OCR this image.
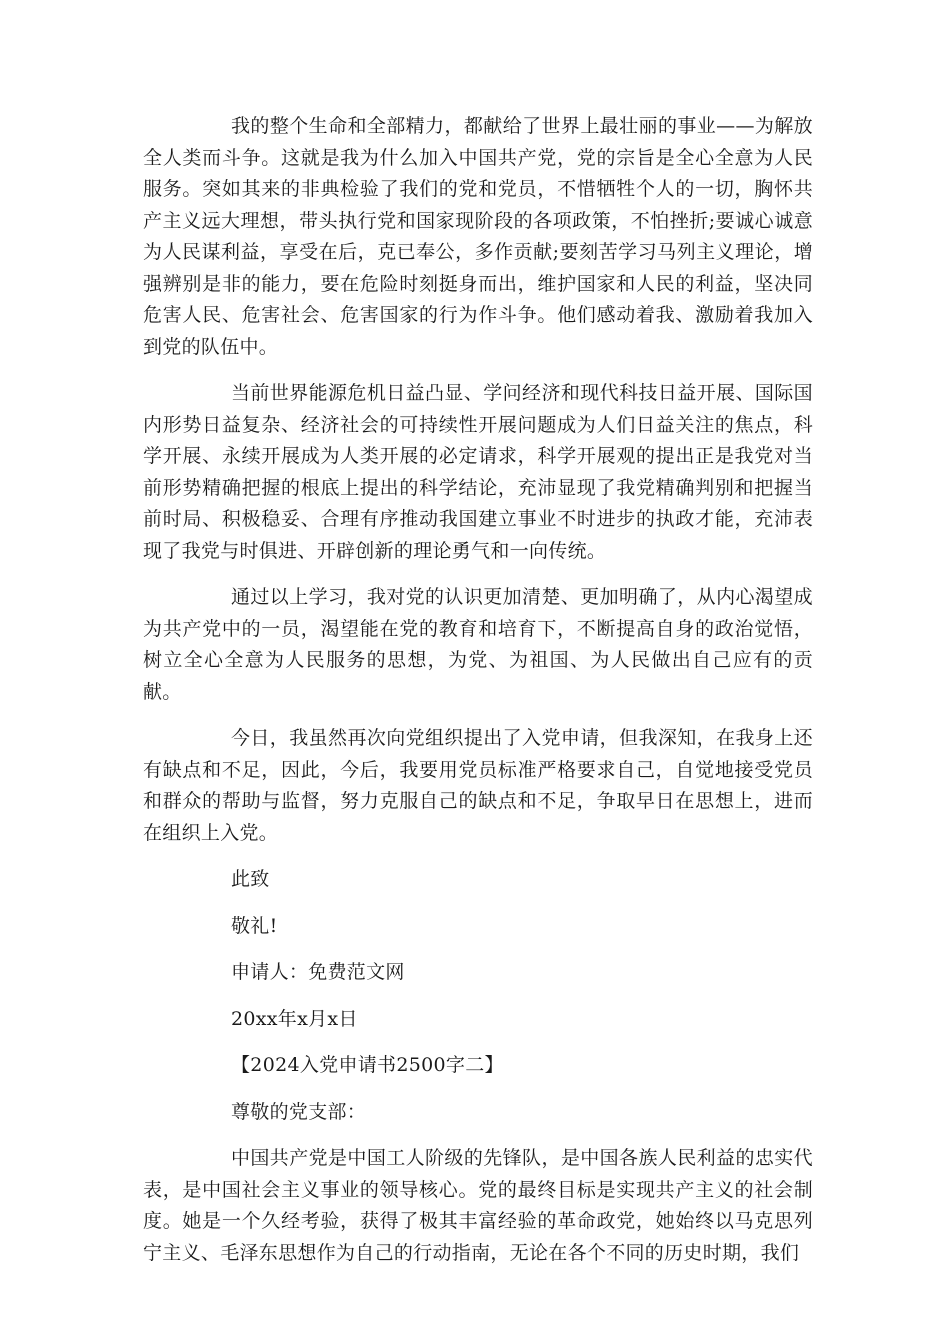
我的整个生命和全部精力，都献给了世界上最壮丽的事业——为解放全人类而斗争。这就是我为什么加入中国共产党，党的宗旨是全心全意为人民服务。突如其来的非典检验了我们的党和党员，不惜牺牲个人的一切，胸怀共产主义远大理想，带头执行党和国家现阶段的各项政策，不怕挫折;要诚心诚意为人民谋利益，享受在后，克已奉公，多作贡献;要刻苦学习马列主义理论，增强辨别是非的能力，要在危险时刻挺身而出，维护国家和人民的利益，坚决同危害人民、危害社会、危害国家的行为作斗争。他们感动着我、激励着我加入到党的队伍中。

当前世界能源危机日益凸显、学问经济和现代科技日益开展、国际国内形势日益复杂、经济社会的可持续性开展问题成为人们日益关注的焦点，科学开展、永续开展成为人类开展的必定请求，科学开展观的提出正是我党对当前形势精确把握的根底上提出的科学结论，充沛显现了我党精确判别和把握当前时局、积极稳妥、合理有序推动我国建立事业不时进步的执政才能，充沛表现了我党与时俱进、开辟创新的理论勇气和一向传统。

通过以上学习，我对党的认识更加清楚、更加明确了，从内心渴望成为共产党中的一员，渴望能在党的教育和培育下，不断提高自身的政治觉悟，树立全心全意为人民服务的思想，为党、为祖国、为人民做出自己应有的贡献。

今日，我虽然再次向党组织提出了入党申请，但我深知，在我身上还有缺点和不足，因此，今后，我要用党员标准严格要求自己，自觉地接受党员和群众的帮助与监督，努力克服自己的缺点和不足，争取早日在思想上，进而在组织上入党。

此致

敬礼!

申请人：免费范文网

20xx年x月x日

【2024入党申请书2500字二】

尊敬的党支部：

中国共产党是中国工人阶级的先锋队，是中国各族人民利益的忠实代表，是中国社会主义事业的领导核心。党的最终目标是实现共产主义的社会制度。她是一个久经考验，获得了极其丰富经验的革命政党，她始终以马克思列宁主义、毛泽东思想作为自己的行动指南，无论在各个不同的历史时期，我们
